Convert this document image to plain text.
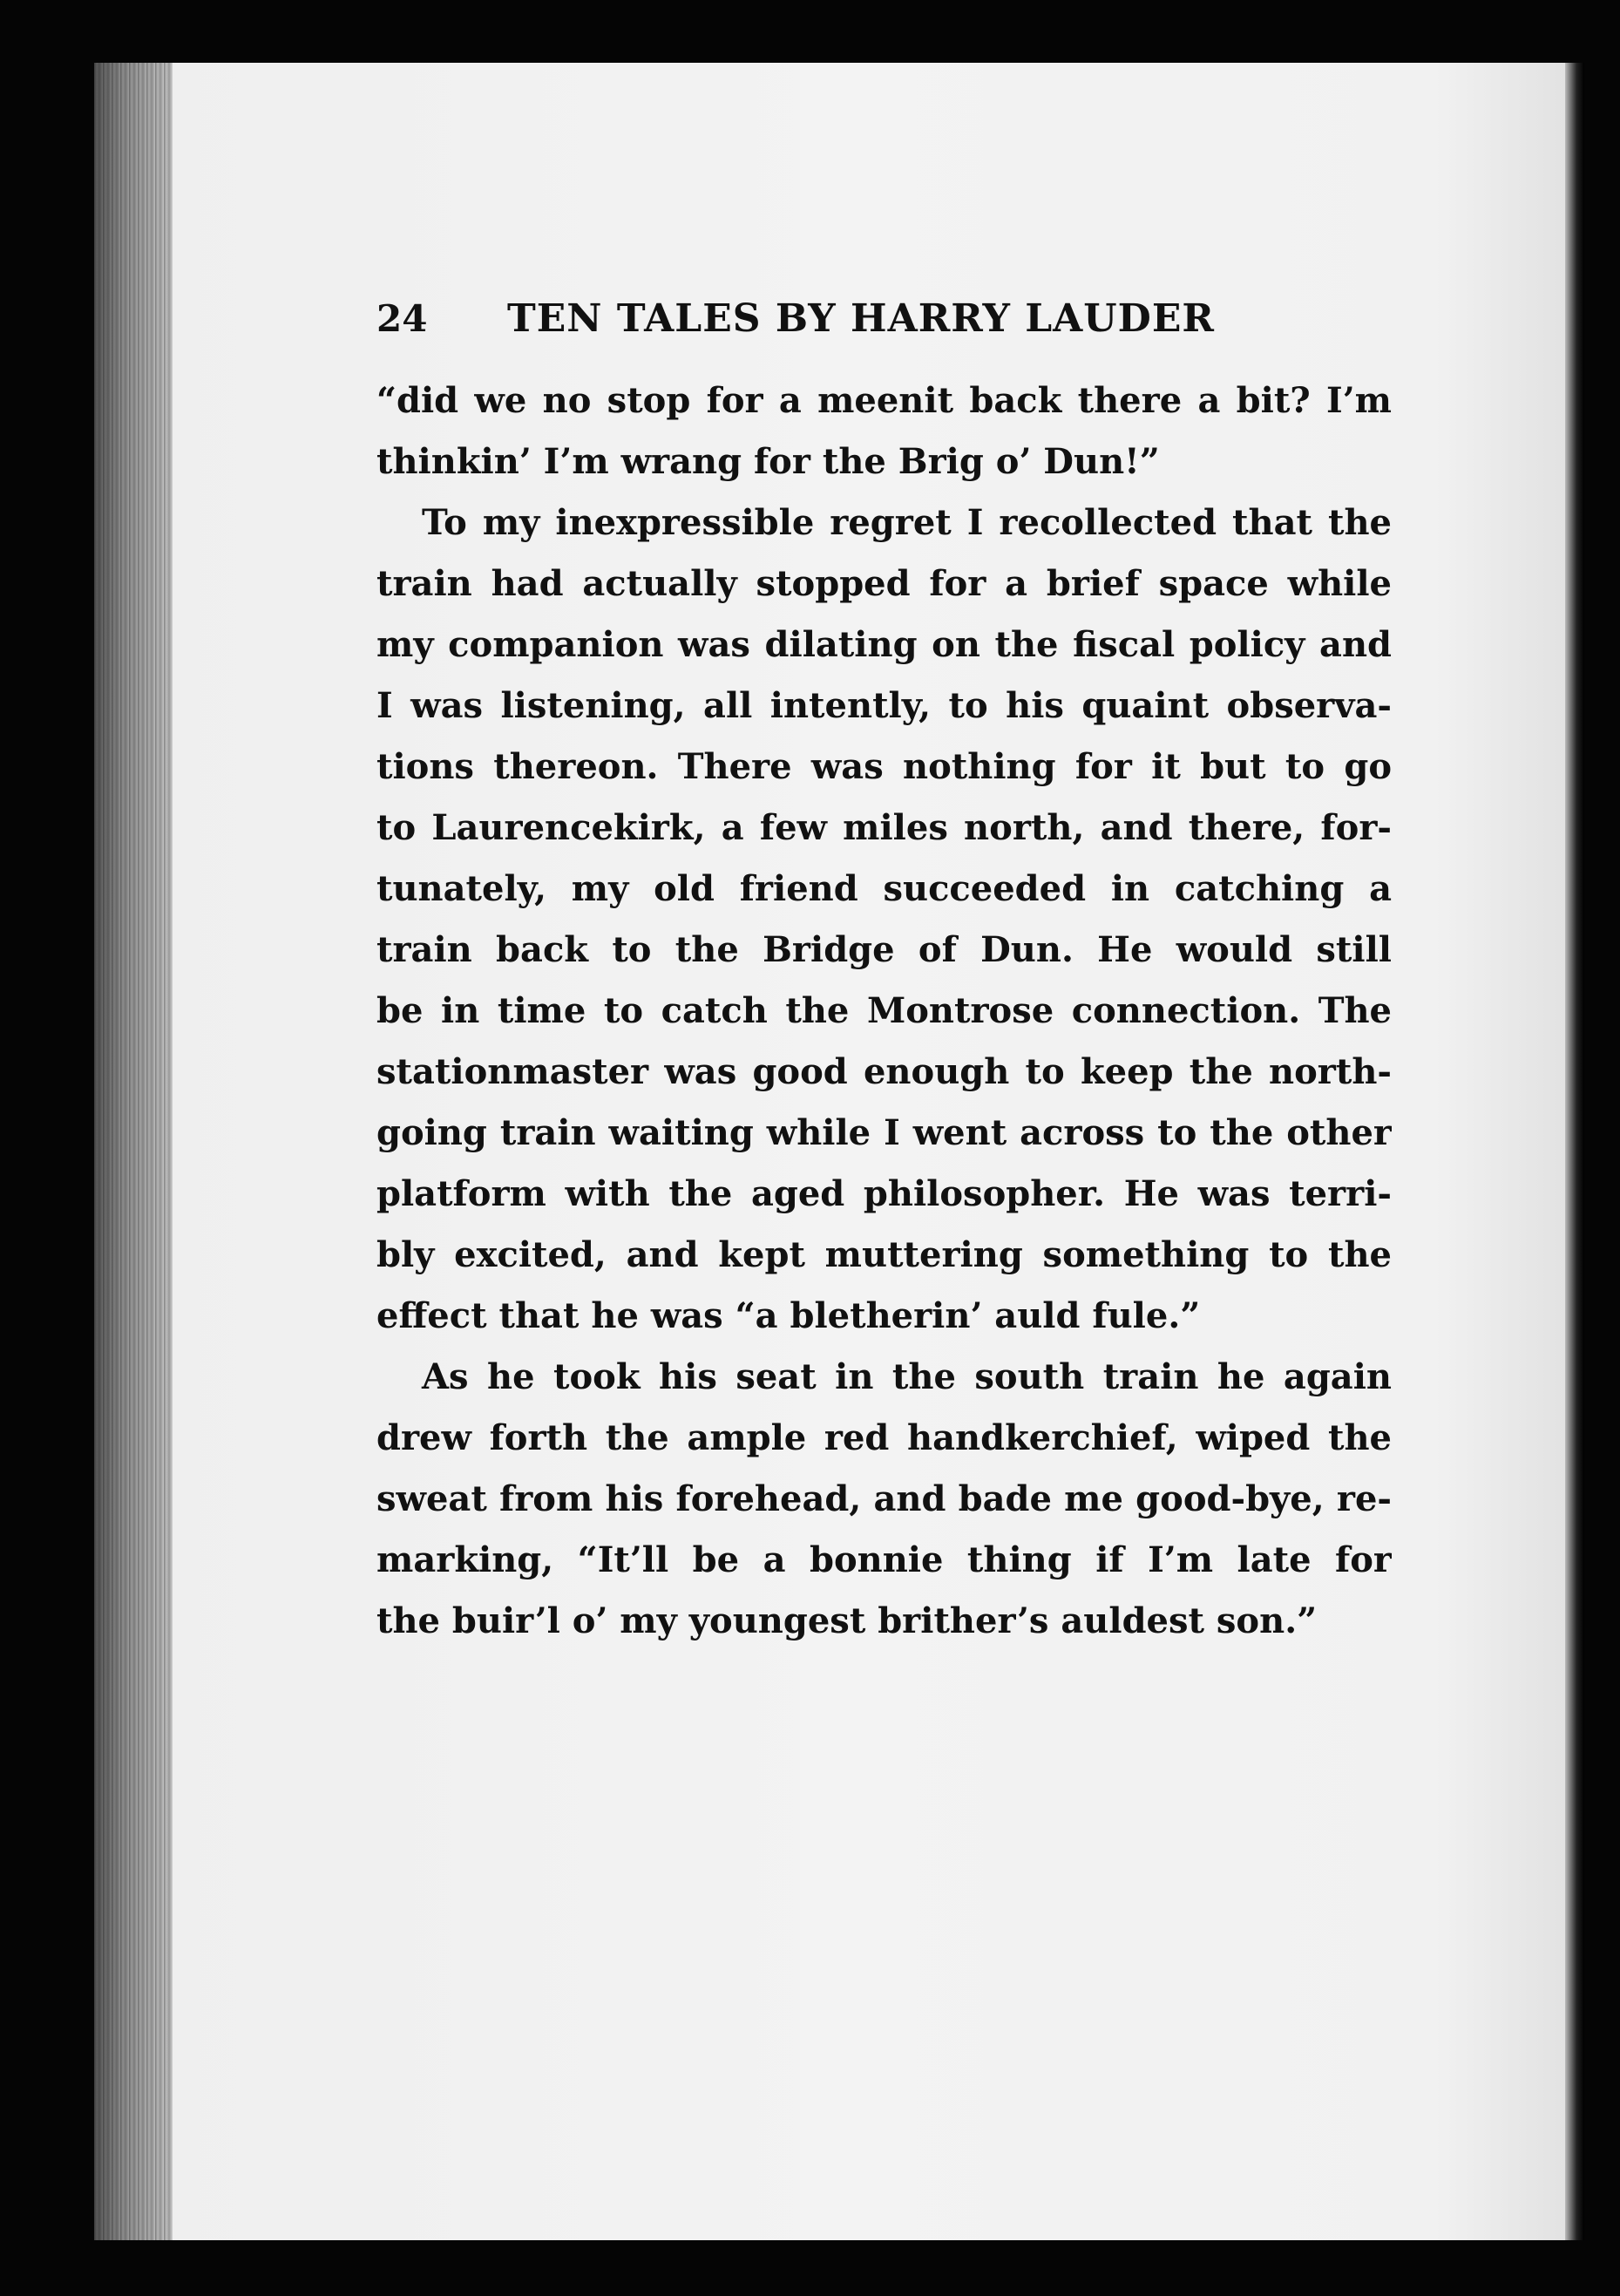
24	TEN TALES BY HARRY LAUDER
“did we no stop for a meenit back there a bit? I’m
thinkin’ I’m wrang for the Brig o’ Dun!”
To my inexpressible regret I recollected that the
train had actually stopped for a brief space while
my companion was dilating on the fiscal policy and
I was listening, all intently, to his quaint observa-
tions thereon. There was nothing for it but to go
to Laurencekirk, a few miles north, and there, for-
tunately, my old friend succeeded in catching a
train back to the Bridge of Dun. He would still
be in time to catch the Montrose connection. The
stationmaster was good enough to keep the north-
going train waiting while I went across to the other
platform with the aged philosopher. He was terri-
bly excited, and kept muttering something to the
effect that he was “a bletherin’ auld fule.”
As he took his seat in the south train he again
drew forth the ample red handkerchief, wiped the
sweat from his forehead, and bade me good-bye, re-
marking, “It’ll be a bonnie thing if I’m late for
the buir’l o’ my youngest brither’s auldest son.”
